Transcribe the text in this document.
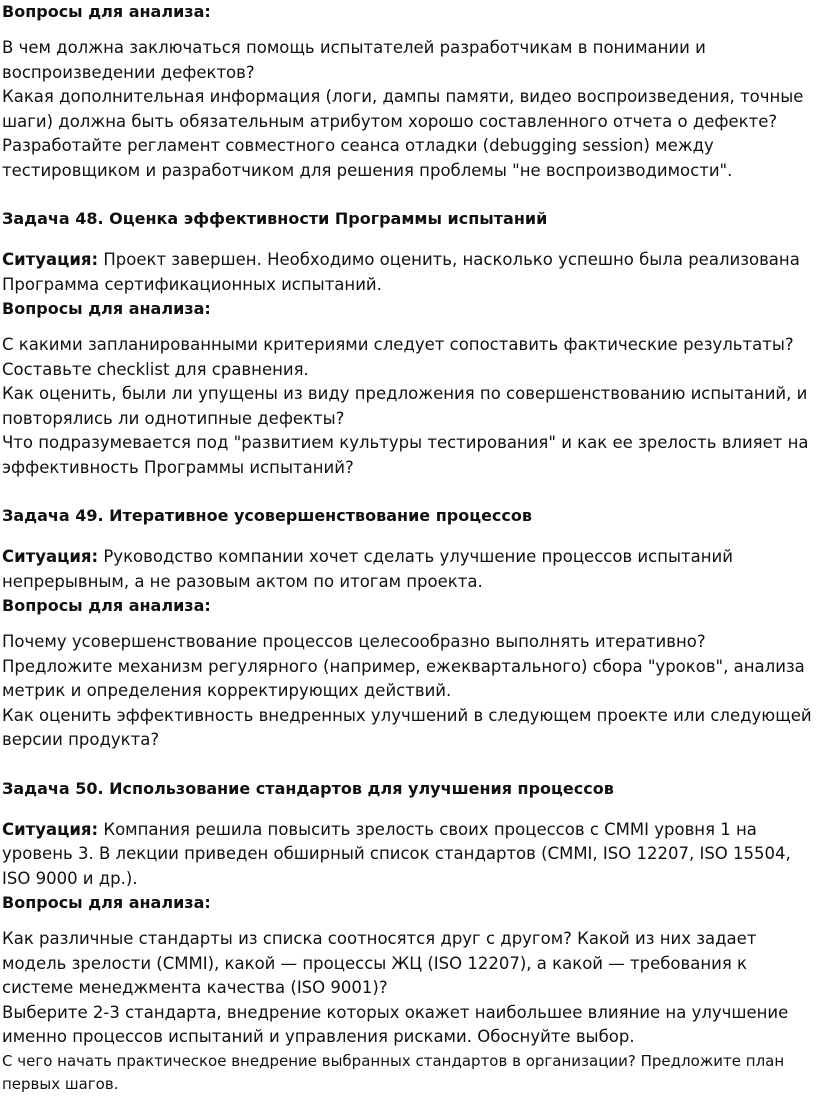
Вопросы для анализа:

В чем должна заключаться помощь испытателей разработчикам в понимании и воспроизведении дефектов?

Какая дополнительная информация (логи, дампы памяти, видео воспроизведения, точные шаги) должна быть обязательным атрибутом хорошо составленного отчета о дефекте?

Разработайте регламент совместного сеанса отладки (debugging session) между тестировщиком и разработчиком для решения проблемы "не воспроизводимости".

Задача 48. Оценка эффективности Программы испытаний

Ситуация: Проект завершен. Необходимо оценить, насколько успешно была реализована Программа сертификационных испытаний.

Вопросы для анализа:

С какими запланированными критериями следует сопоставить фактические результаты? Составьте checklist для сравнения.

Как оценить, были ли упущены из виду предложения по совершенствованию испытаний, и повторялись ли однотипные дефекты?

Что подразумевается под "развитием культуры тестирования" и как ее зрелость влияет на эффективность Программы испытаний?

Задача 49. Итеративное усовершенствование процессов

Ситуация: Руководство компании хочет сделать улучшение процессов испытаний непрерывным, а не разовым актом по итогам проекта.

Вопросы для анализа:

Почему усовершенствование процессов целесообразно выполнять итеративно?

Предложите механизм регулярного (например, ежеквартального) сбора "уроков", анализа метрик и определения корректирующих действий.

Как оценить эффективность внедренных улучшений в следующем проекте или следующей версии продукта?

Задача 50. Использование стандартов для улучшения процессов

Ситуация: Компания решила повысить зрелость своих процессов с CMMI уровня 1 на уровень 3. В лекции приведен обширный список стандартов (CMMI, ISO 12207, ISO 15504, ISO 9000 и др.).

Вопросы для анализа:

Как различные стандарты из списка соотносятся друг с другом? Какой из них задает модель зрелости (CMMI), какой — процессы ЖЦ (ISO 12207), а какой — требования к системе менеджмента качества (ISO 9001)?

Выберите 2-3 стандарта, внедрение которых окажет наибольшее влияние на улучшение именно процессов испытаний и управления рисками. Обоснуйте выбор.

С чего начать практическое внедрение выбранных стандартов в организации? Предложите план первых шагов.
